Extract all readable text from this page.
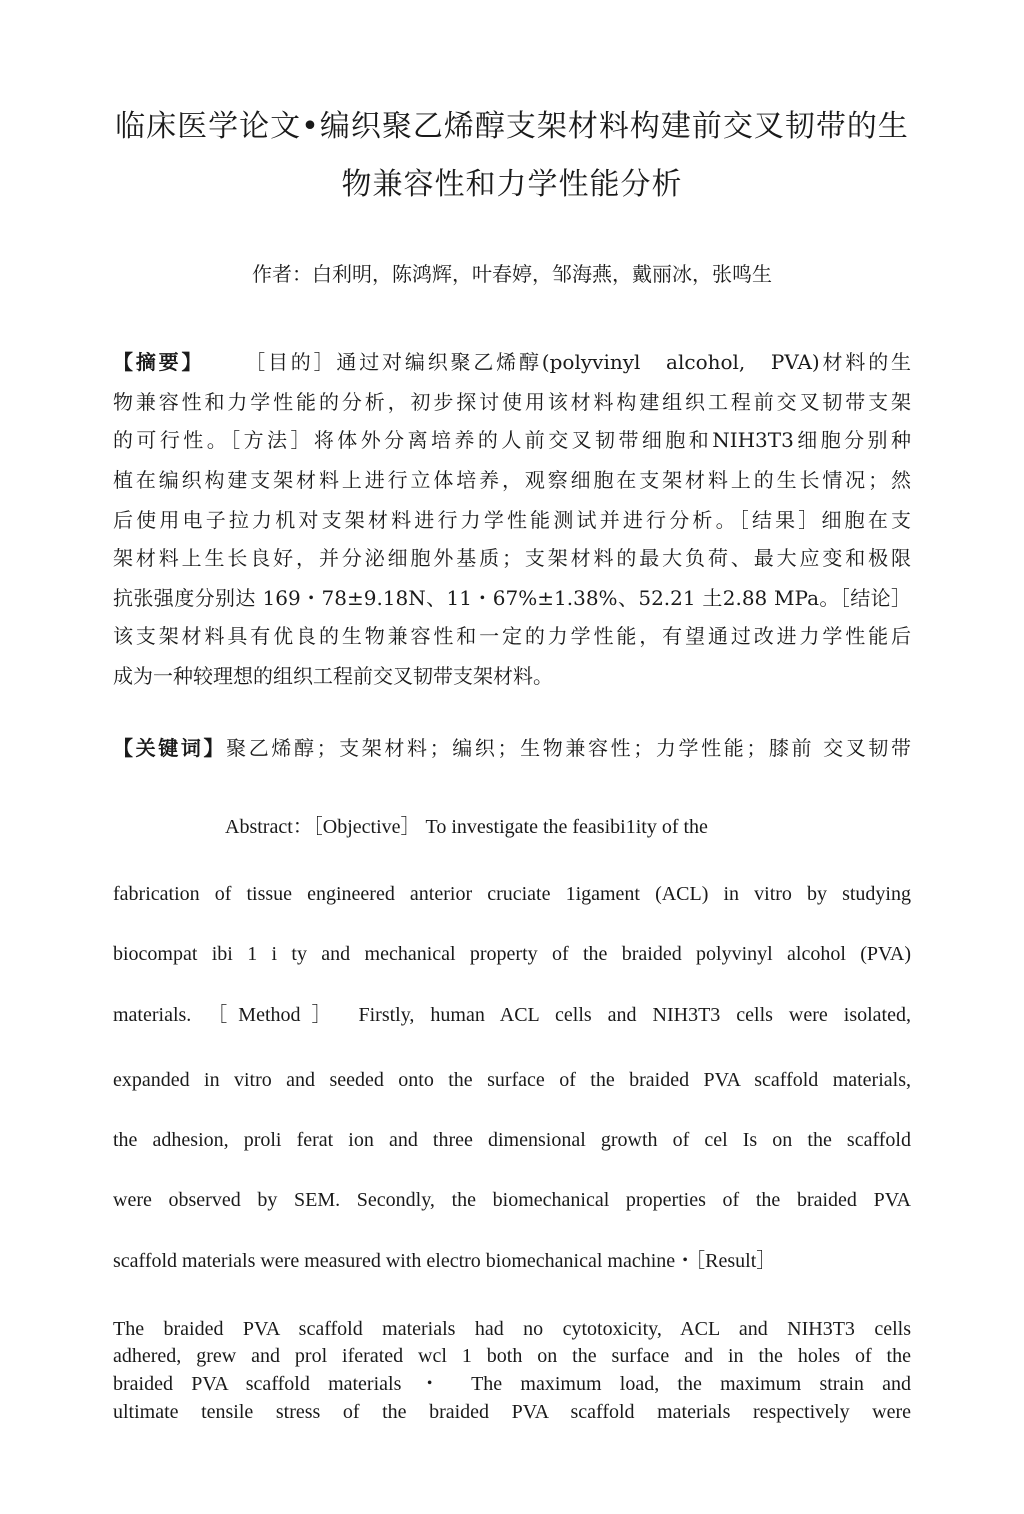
临床医学论文•编织聚乙烯醇支架材料构建前交叉韧带的生
物兼容性和力学性能分析
作者：白利明，陈鸿辉，叶春婷，邹海燕，戴丽冰，张鸣生
【摘要】 ［目的］通过对编织聚乙烯醇(polyvinyl　alcohol,　PVA)材料的生
物兼容性和力学性能的分析，初步探讨使用该材料构建组织工程前交叉韧带支架
的可行性。［方法］将体外分离培养的人前交叉韧带细胞和NIH3T3细胞分别种
植在编织构建支架材料上进行立体培养，观察细胞在支架材料上的生长情况；然
后使用电子拉力机对支架材料进行力学性能测试并进行分析。［结果］细胞在支
架材料上生长良好，并分泌细胞外基质；支架材料的最大负荷、最大应变和极限
抗张强度分别达 169・78±9.18N、11・67%±1.38%、52.21 土2.88 MPa。［结论］
该支架材料具有优良的生物兼容性和一定的力学性能，有望通过改进力学性能后
成为一种较理想的组织工程前交叉韧带支架材料。
【关键词】聚乙烯醇；支架材料；编织；生物兼容性；力学性能；膝前 交叉韧带
Abstract：［Objective］ To investigate the feasibi1ity of the
fabrication of tissue engineered anterior cruciate 1igament (ACL) in vitro by studying
biocompat ibi 1 i ty and mechanical property of the braided polyvinyl alcohol (PVA)
materials. ［Method］ Firstly, human ACL cells and NIH3T3 cells were isolated,
expanded in vitro and seeded onto the surface of the braided PVA scaffold materials,
the adhesion, proli ferat ion and three dimensional growth of cel Is on the scaffold
were observed by SEM. Secondly, the biomechanical properties of the braided PVA
scaffold materials were measured with electro biomechanical machine・［Result］
The braided PVA scaffold materials had no cytotoxicity, ACL and NIH3T3 cells
adhered, grew and prol iferated wcl 1 both on the surface and in the holes of the
braided PVA scaffold materials ・ The maximum load, the maximum strain and
ultimate tensile stress of the braided PVA scaffold materials respectively were
